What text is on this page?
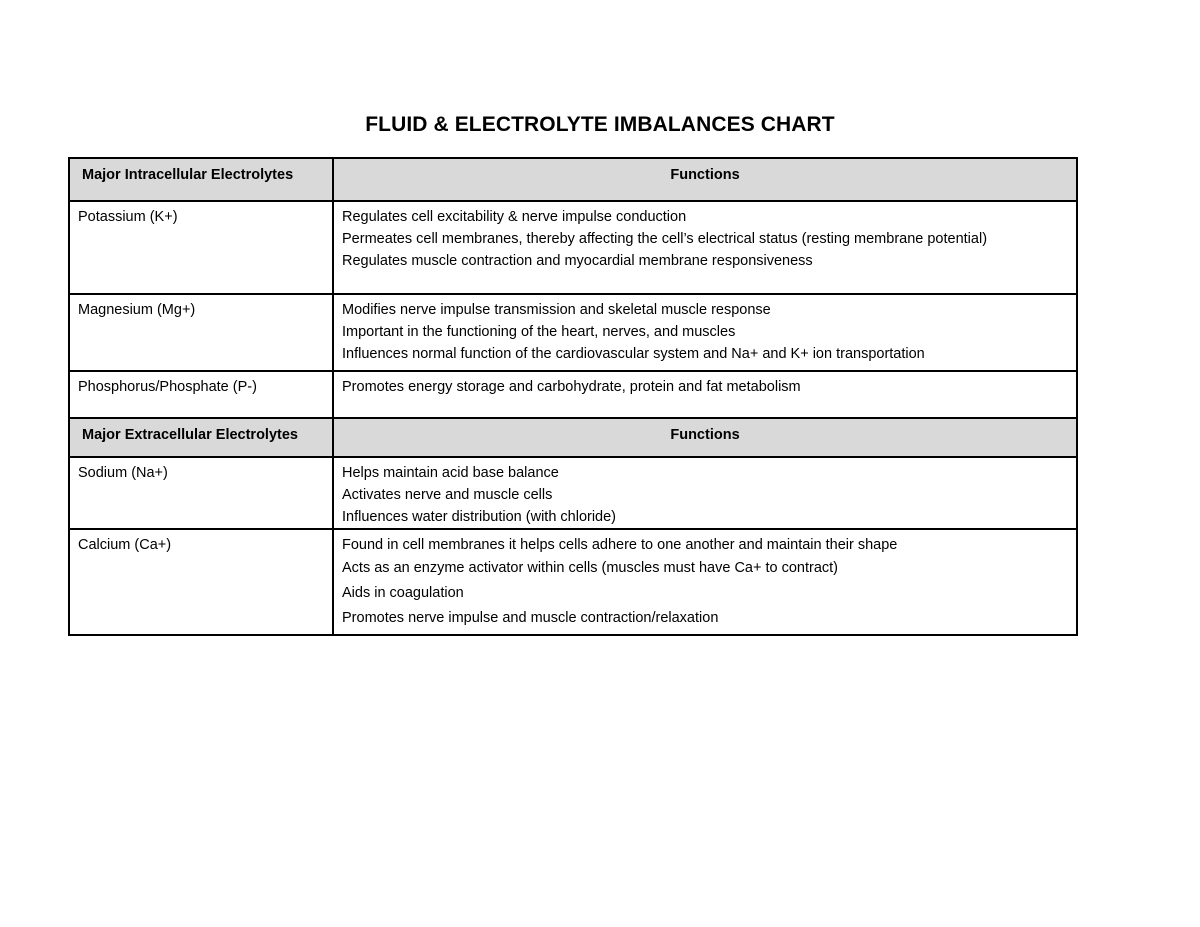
FLUID & ELECTROLYTE IMBALANCES CHART
Major Intracellular Electrolytes	Functions
Potassium (K+)	Regulates cell excitability & nerve impulse conduction
Permeates cell membranes, thereby affecting the cell’s electrical status (resting membrane potential)
Regulates muscle contraction and myocardial membrane responsiveness

Magnesium (Mg+)	Modifies nerve impulse transmission and skeletal muscle response
Important in the functioning of the heart, nerves, and muscles
Influences normal function of the cardiovascular system and Na+ and K+ ion transportation

Phosphorus/Phosphate (P-)	Promotes energy storage and carbohydrate, protein and fat metabolism

Major Extracellular Electrolytes	Functions
Sodium (Na+)	Helps maintain acid base balance
Activates nerve and muscle cells
Influences water distribution (with chloride)

Calcium (Ca+)	Found in cell membranes it helps cells adhere to one another and maintain their shape
Acts as an enzyme activator within cells (muscles must have Ca+ to contract)
Aids in coagulation
Promotes nerve impulse and muscle contraction/relaxation
